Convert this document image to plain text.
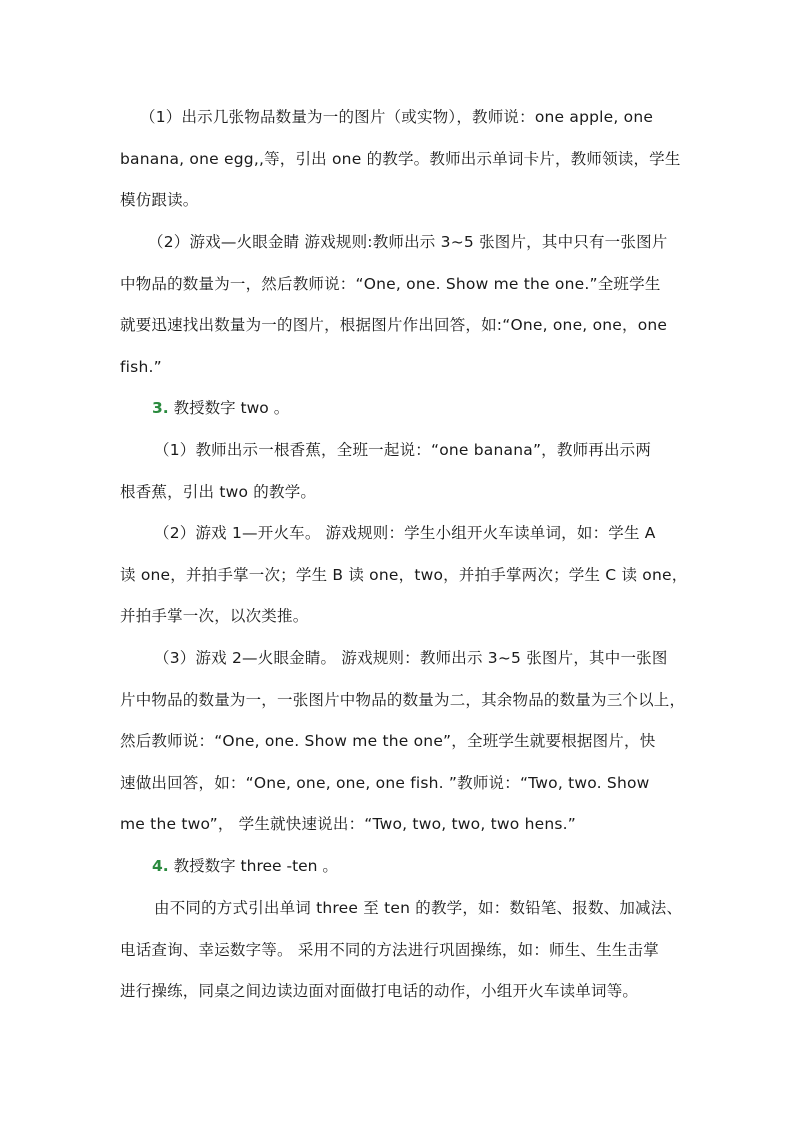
（1）出示几张物品数量为一的图片（或实物），教师说：one apple, one
banana, one egg,,等，引出 one 的教学。教师出示单词卡片，教师领读，学生
模仿跟读。
（2）游戏—火眼金睛 游戏规则:教师出示 3~5 张图片，其中只有一张图片
中物品的数量为一，然后教师说：“One, one. Show me the one.”全班学生
就要迅速找出数量为一的图片，根据图片作出回答，如:“One, one, one，one
fish.”
3. 教授数字 two 。
（1）教师出示一根香蕉，全班一起说：“one banana”，教师再出示两
根香蕉，引出 two 的教学。
（2）游戏 1—开火车。 游戏规则：学生小组开火车读单词，如：学生 A
读 one，并拍手掌一次；学生 B 读 one，two，并拍手掌两次；学生 C 读 one，
并拍手掌一次，以次类推。
（3）游戏 2—火眼金睛。 游戏规则：教师出示 3~5 张图片，其中一张图
片中物品的数量为一，一张图片中物品的数量为二，其余物品的数量为三个以上，
然后教师说：“One, one. Show me the one”，全班学生就要根据图片，快
速做出回答，如：“One, one, one, one fish. ”教师说：“Two, two. Show
me the two”， 学生就快速说出：“Two, two, two, two hens.”
4. 教授数字 three -ten 。
由不同的方式引出单词 three 至 ten 的教学，如：数铅笔、报数、加减法、
电话查询、幸运数字等。 采用不同的方法进行巩固操练，如：师生、生生击掌
进行操练，同桌之间边读边面对面做打电话的动作，小组开火车读单词等。
